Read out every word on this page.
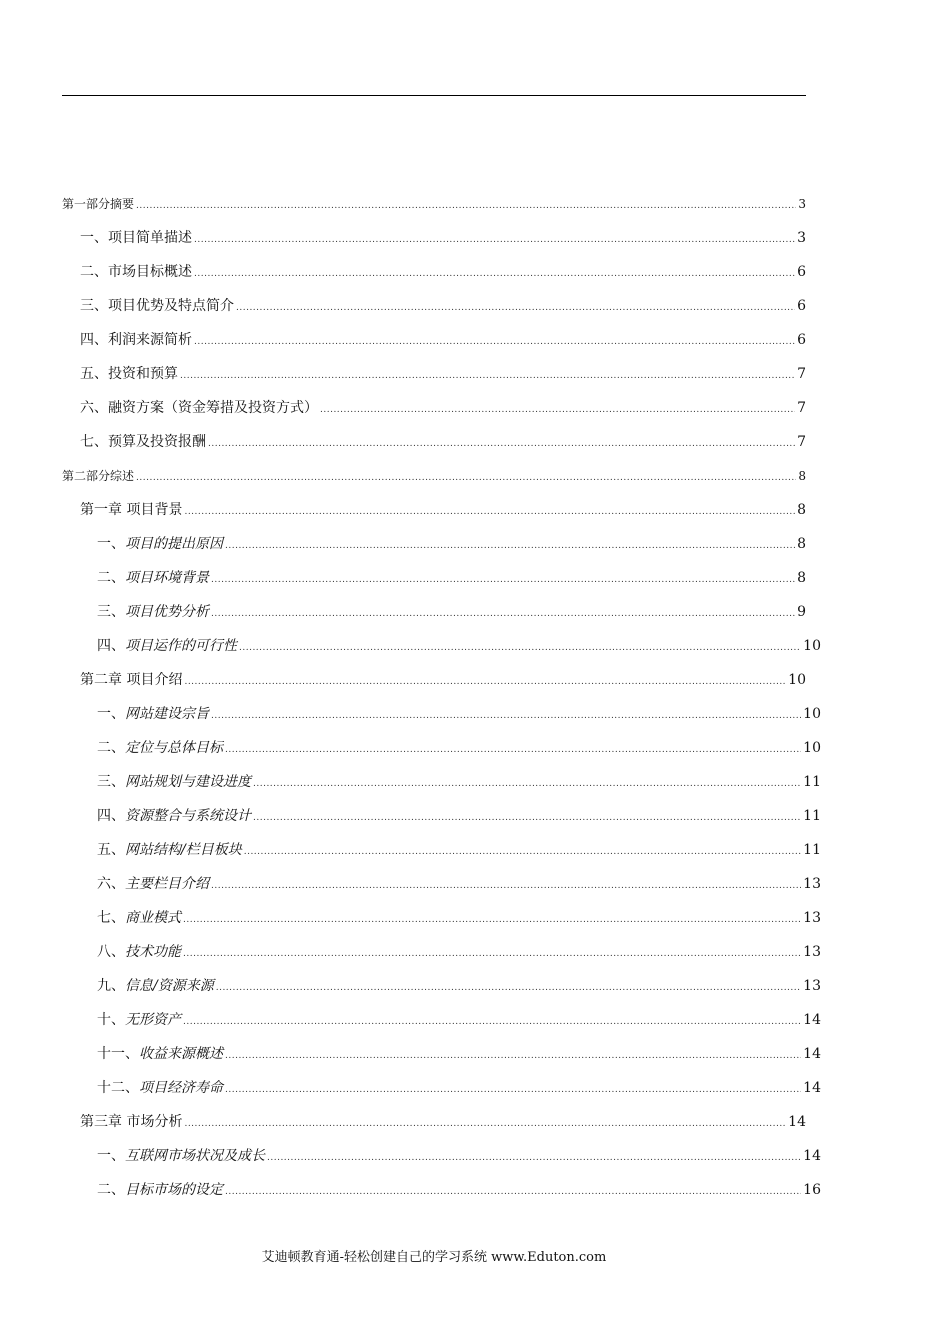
第一部分 摘要 .....	3
一、 项目简单描述 .....	3
二、 市场目标概述 .....	6
三、 项目优势及特点简介 .....	6
四、 利润来源简析 .....	6
五、 投资和预算 .....	7
六、 融资方案（资金筹措及投资方式） .....	7
七、 预算及投资报酬 .....	7
第二部分 综述 .....	8
第一章 项目背景 .....	8
一、 项目的提出原因 .....	8
二、 项目环境背景 .....	8
三、 项目优势分析 .....	9
四、 项目运作的可行性 .....	10
第二章 项目介绍 .....	10
一、 网站建设宗旨 .....	10
二、 定位与总体目标 .....	10
三、 网站规划与建设进度 .....	11
四、 资源整合与系统设计 .....	11
五、 网站结构/栏目板块 .....	11
六、 主要栏目介绍 .....	13
七、 商业模式 .....	13
八、 技术功能 .....	13
九、 信息/资源来源 .....	13
十、 无形资产 .....	14
十一、 收益来源概述 .....	14
十二、 项目经济寿命 .....	14
第三章 市场分析 .....	14
一、 互联网市场状况及成长 .....	14
二、 目标市场的设定 .....	16
艾迪顿教育通-轻松创建自己的学习系统 www.Eduton.com
